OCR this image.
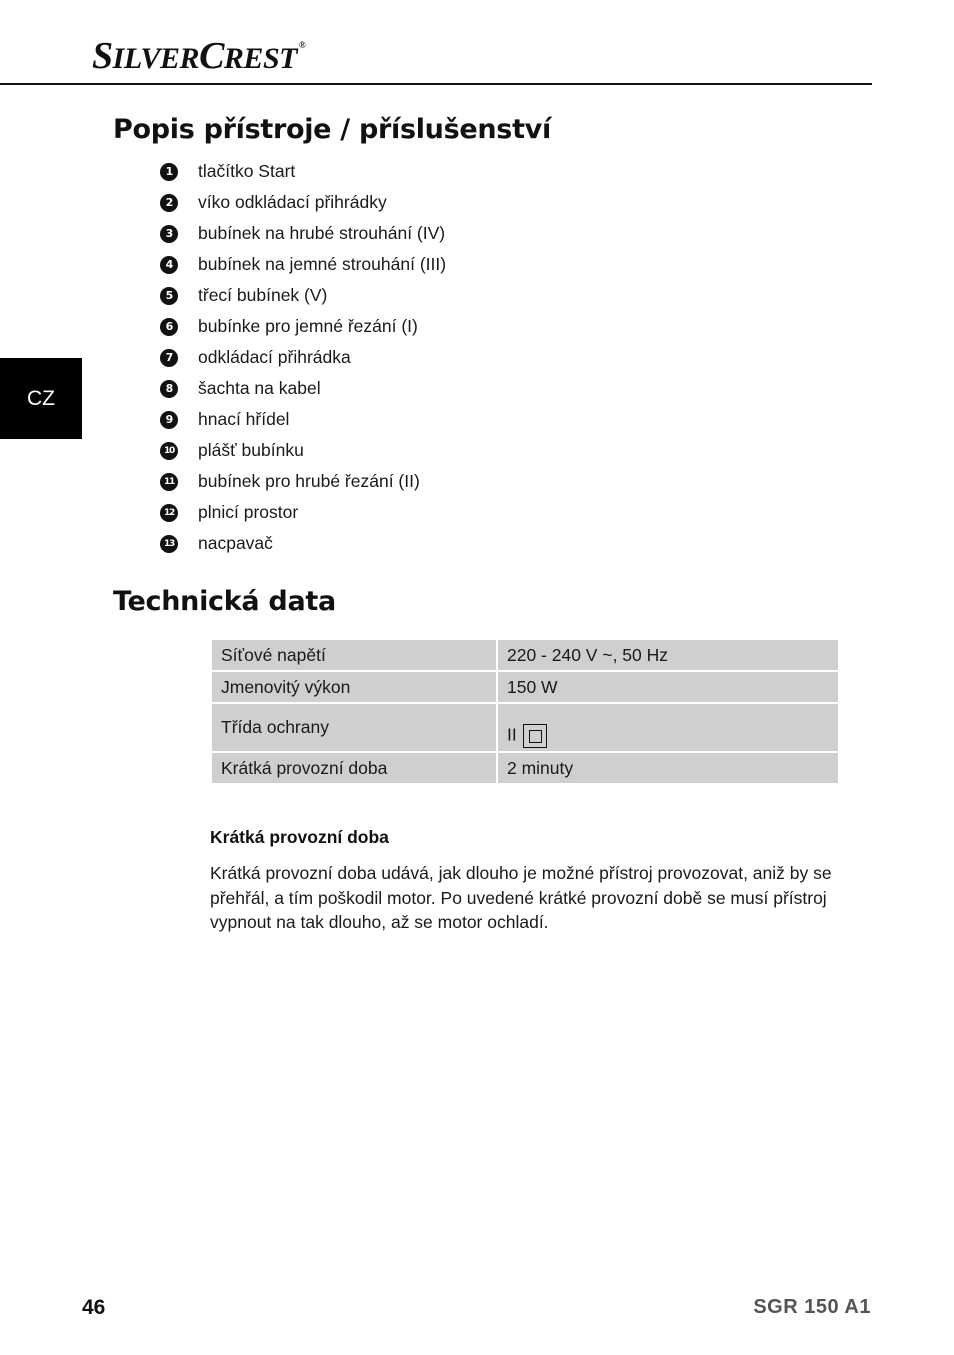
SILVERCREST ®
CZ
Popis přístroje / příslušenství
1	tlačítko Start
2	víko odkládací přihrádky
3	bubínek na hrubé strouhání (IV)
4	bubínek na jemné strouhání (III)
5	třecí bubínek (V)
6	bubínke pro jemné řezání (I)
7	odkládací přihrádka
8	šachta na kabel
9	hnací hřídel
10 plášť bubínku
11 bubínek pro hrubé řezání (II)
12 plnicí prostor
13 nacpavač
Technická data
Síťové napětí	220 - 240 V ~, 50 Hz
Jmenovitý výkon	150 W
Třída ochrany	II
Krátká provozní doba	2 minuty
Krátká provozní doba

Krátká provozní doba udává, jak dlouho je možné přístroj provozovat, aniž by se přehřál, a tím poškodil motor. Po uvedené krátké provozní době se musí přístroj vypnout na tak dlouho, až se motor ochladí.

46	SGR 150 A1
